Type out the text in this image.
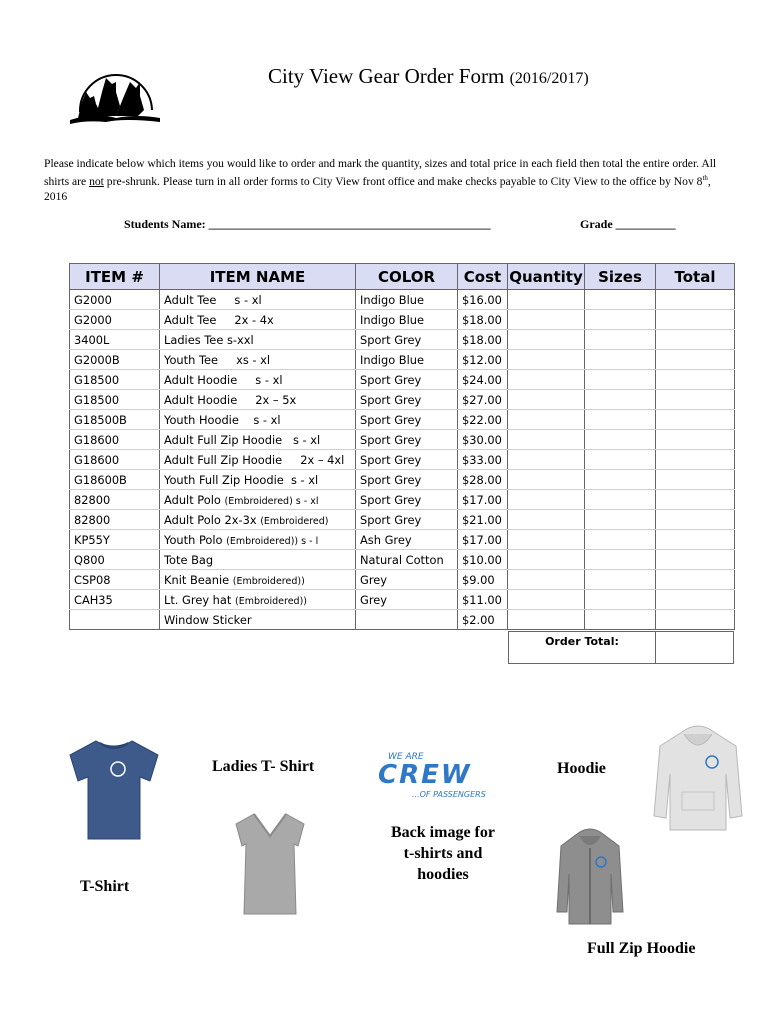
City View Gear Order Form (2016/2017)
Please indicate below which items you would like to order and mark the quantity, sizes and total price in each field then total the entire order. All shirts are not pre-shrunk. Please turn in all order forms to City View front office and make checks payable to City View to the office by Nov 8th, 2016
Students Name: _______________________________________________	Grade __________
ITEM #	ITEM NAME	COLOR	Cost	Quantity	Sizes	Total
G2000	Adult Tee     s - xl	Indigo Blue	$16.00			
G2000	Adult Tee     2x - 4x	Indigo Blue	$18.00			
3400L	Ladies Tee s-xxl	Sport Grey	$18.00			
G2000B	Youth Tee     xs - xl	Indigo Blue	$12.00			
G18500	Adult Hoodie     s - xl	Sport Grey	$24.00			
G18500	Adult Hoodie     2x – 5x	Sport Grey	$27.00			
G18500B	Youth Hoodie    s - xl	Sport Grey	$22.00			
G18600	Adult Full Zip Hoodie   s - xl	Sport Grey	$30.00			
G18600	Adult Full Zip Hoodie     2x – 4xl	Sport Grey	$33.00			
G18600B	Youth Full Zip Hoodie  s - xl	Sport Grey	$28.00			
82800	Adult Polo (Embroidered) s - xl	Sport Grey	$17.00			
82800	Adult Polo 2x-3x (Embroidered)	Sport Grey	$21.00			
KP55Y	Youth Polo (Embroidered)) s - l	Ash Grey	$17.00			
Q800	Tote Bag	Natural Cotton	$10.00			
CSP08	Knit Beanie (Embroidered))	Grey	$9.00			
CAH35	Lt. Grey hat (Embroidered))	Grey	$11.00			
	Window Sticker		$2.00			
Order Total:
Ladies T- Shirt
T-Shirt
WE ARE
CREW
...OF PASSENGERS
Back image for t-shirts and hoodies
Hoodie
Full Zip Hoodie
